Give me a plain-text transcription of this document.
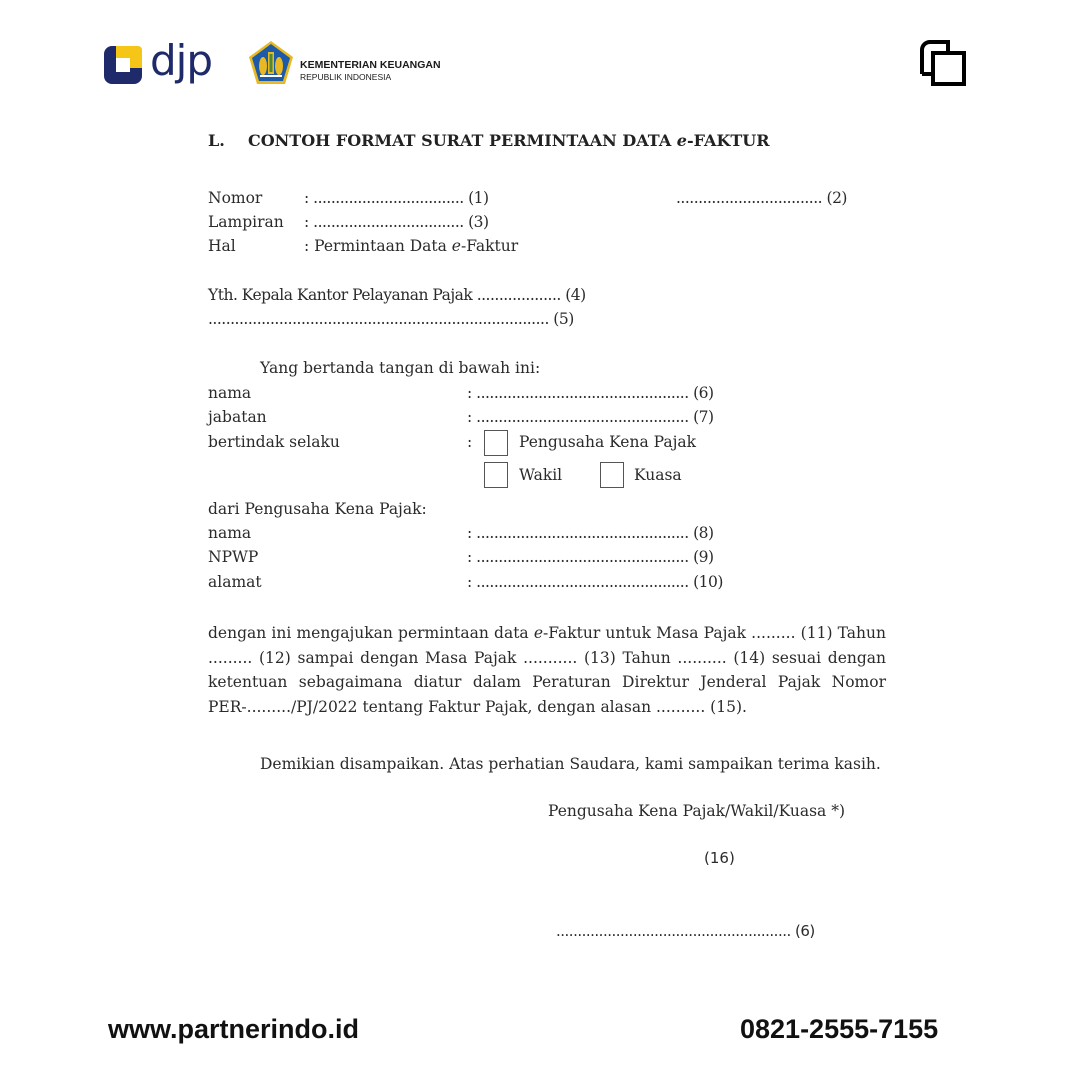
djp	KEMENTERIAN KEUANGAN
REPUBLIK INDONESIA
L. CONTOH FORMAT SURAT PERMINTAAN DATA e-FAKTUR
Nomor	: .................................. (1)	................................. (2)
Lampiran : .................................. (3)
Hal	: Permintaan Data e-Faktur
Yth. Kepala Kantor Pelayanan Pajak ................... (4)
............................................................................. (5)
Yang bertanda tangan di bawah ini:
nama	: ................................................ (6)
jabatan	: ................................................ (7)
bertindak selaku	:	Pengusaha Kena Pajak
Wakil	Kuasa
dari Pengusaha Kena Pajak:
nama	: ................................................ (8)
NPWP	: ................................................ (9)
alamat	: ................................................ (10)
dengan ini mengajukan permintaan data e-Faktur untuk Masa Pajak ......... (11) Tahun ......... (12) sampai dengan Masa Pajak ........... (13) Tahun .......... (14) sesuai dengan ketentuan sebagaimana diatur dalam Peraturan Direktur Jenderal Pajak Nomor PER-........./PJ/2022 tentang Faktur Pajak, dengan alasan .......... (15).
Demikian disampaikan. Atas perhatian Saudara, kami sampaikan terima kasih.
Pengusaha Kena Pajak/Wakil/Kuasa *)
(16)
....................................................... (6)
www.partnerindo.id	0821-2555-7155
